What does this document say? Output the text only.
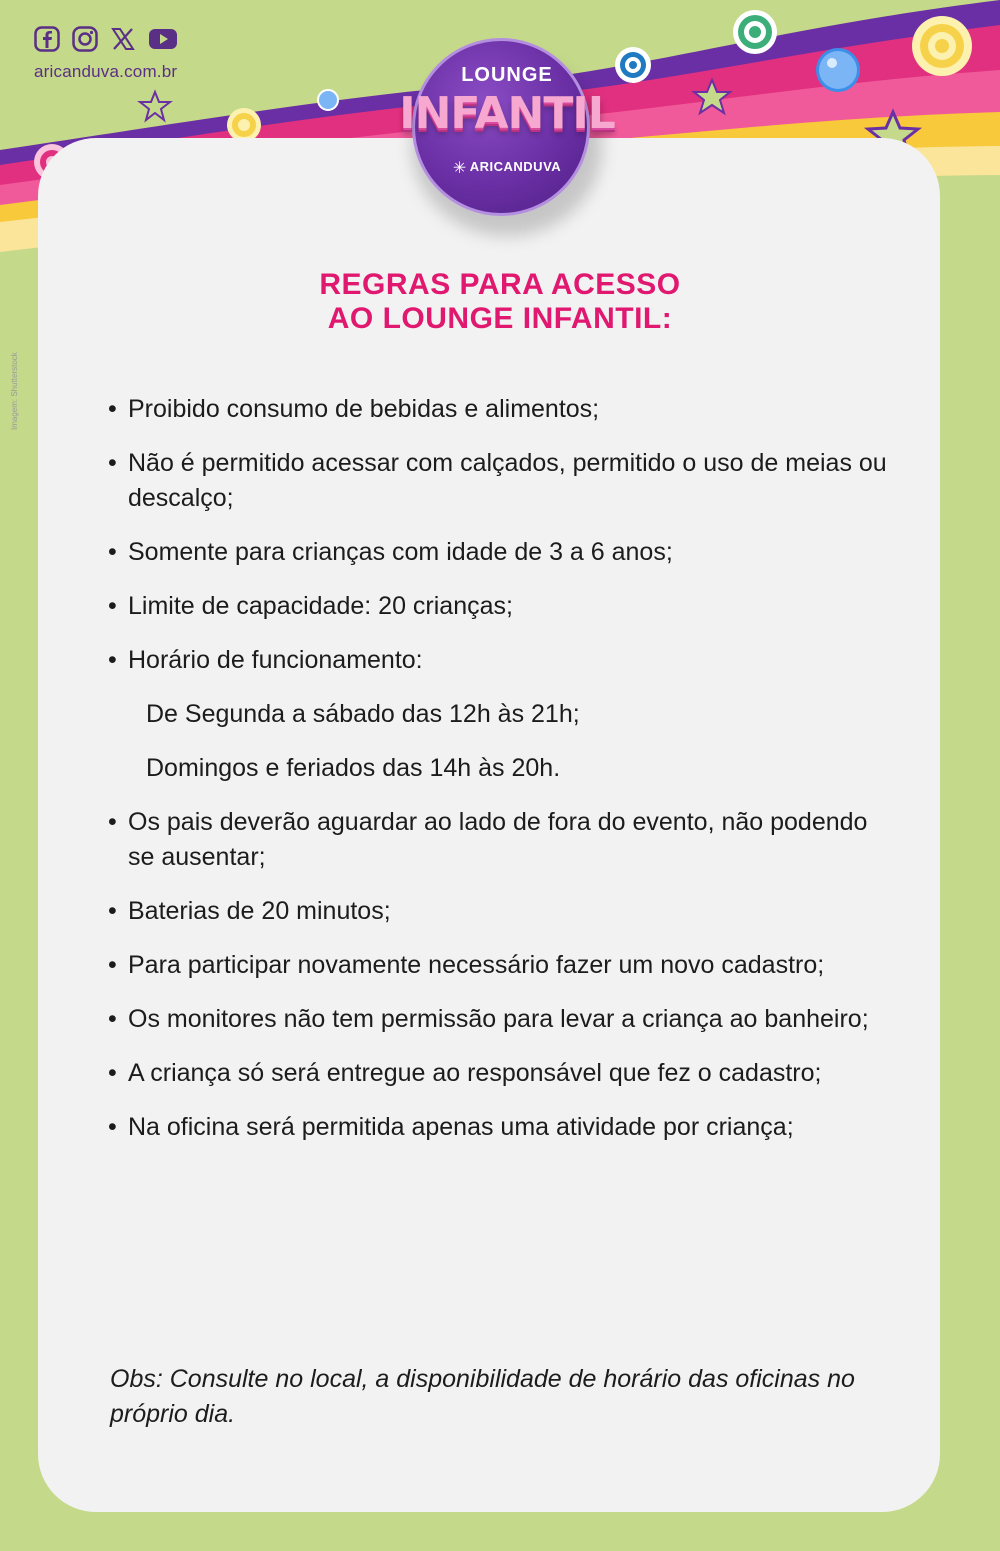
aricanduva.com.br
Imagem: Shutterstock
LOUNGE
INFANTIL
✳ ARICANDUVA
REGRAS PARA ACESSO
AO LOUNGE INFANTIL:
• Proibido consumo de bebidas e alimentos;
• Não é permitido acessar com calçados, permitido o uso de meias ou descalço;
• Somente para crianças com idade de 3 a 6 anos;
• Limite de capacidade: 20 crianças;
• Horário de funcionamento:
De Segunda a sábado das 12h às 21h;
Domingos e feriados das 14h às 20h.
• Os pais deverão aguardar ao lado de fora do evento, não podendo se ausentar;
• Baterias de 20 minutos;
• Para participar novamente necessário fazer um novo cadastro;
• Os monitores não tem permissão para levar a criança ao banheiro;
• A criança só será entregue ao responsável que fez o cadastro;
• Na oficina será permitida apenas uma atividade por criança;
Obs: Consulte no local, a disponibilidade de horário das oficinas no próprio dia.
